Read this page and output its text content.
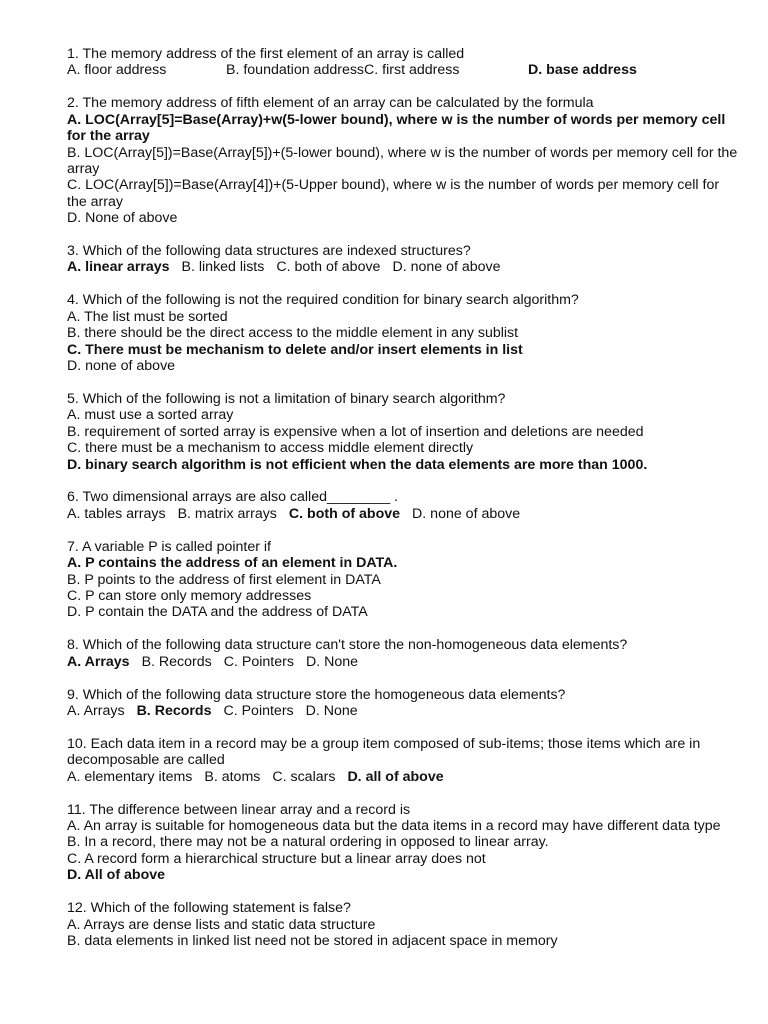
1. The memory address of the first element of an array is called
A. floor address	B. foundation addressC. first address	D. base address
2. The memory address of fifth element of an array can be calculated by the formula
A. LOC(Array[5]=Base(Array)+w(5-lower bound), where w is the number of words per memory cell for the array
B. LOC(Array[5])=Base(Array[5])+(5-lower bound), where w is the number of words per memory cell for the array
C. LOC(Array[5])=Base(Array[4])+(5-Upper bound), where w is the number of words per memory cell for the array
D. None of above
3. Which of the following data structures are indexed structures?
A. linear arrays B. linked lists C. both of above D. none of above
4. Which of the following is not the required condition for binary search algorithm?
A. The list must be sorted
B. there should be the direct access to the middle element in any sublist
C. There must be mechanism to delete and/or insert elements in list
D. none of above
5. Which of the following is not a limitation of binary search algorithm?
A. must use a sorted array
B. requirement of sorted array is expensive when a lot of insertion and deletions are needed
C. there must be a mechanism to access middle element directly
D. binary search algorithm is not efficient when the data elements are more than 1000.
6. Two dimensional arrays are also called________ .
A. tables arrays B. matrix arrays C. both of above D. none of above
7. A variable P is called pointer if
A. P contains the address of an element in DATA.
B. P points to the address of first element in DATA
C. P can store only memory addresses
D. P contain the DATA and the address of DATA
8. Which of the following data structure can't store the non-homogeneous data elements?
A. Arrays B. Records C. Pointers D. None
9. Which of the following data structure store the homogeneous data elements?
A. Arrays B. Records C. Pointers D. None
10. Each data item in a record may be a group item composed of sub-items; those items which are in decomposable are called
A. elementary items B. atoms C. scalars D. all of above
11. The difference between linear array and a record is
A. An array is suitable for homogeneous data but the data items in a record may have different data type
B. In a record, there may not be a natural ordering in opposed to linear array.
C. A record form a hierarchical structure but a linear array does not
D. All of above
12. Which of the following statement is false?
A. Arrays are dense lists and static data structure
B. data elements in linked list need not be stored in adjacent space in memory
